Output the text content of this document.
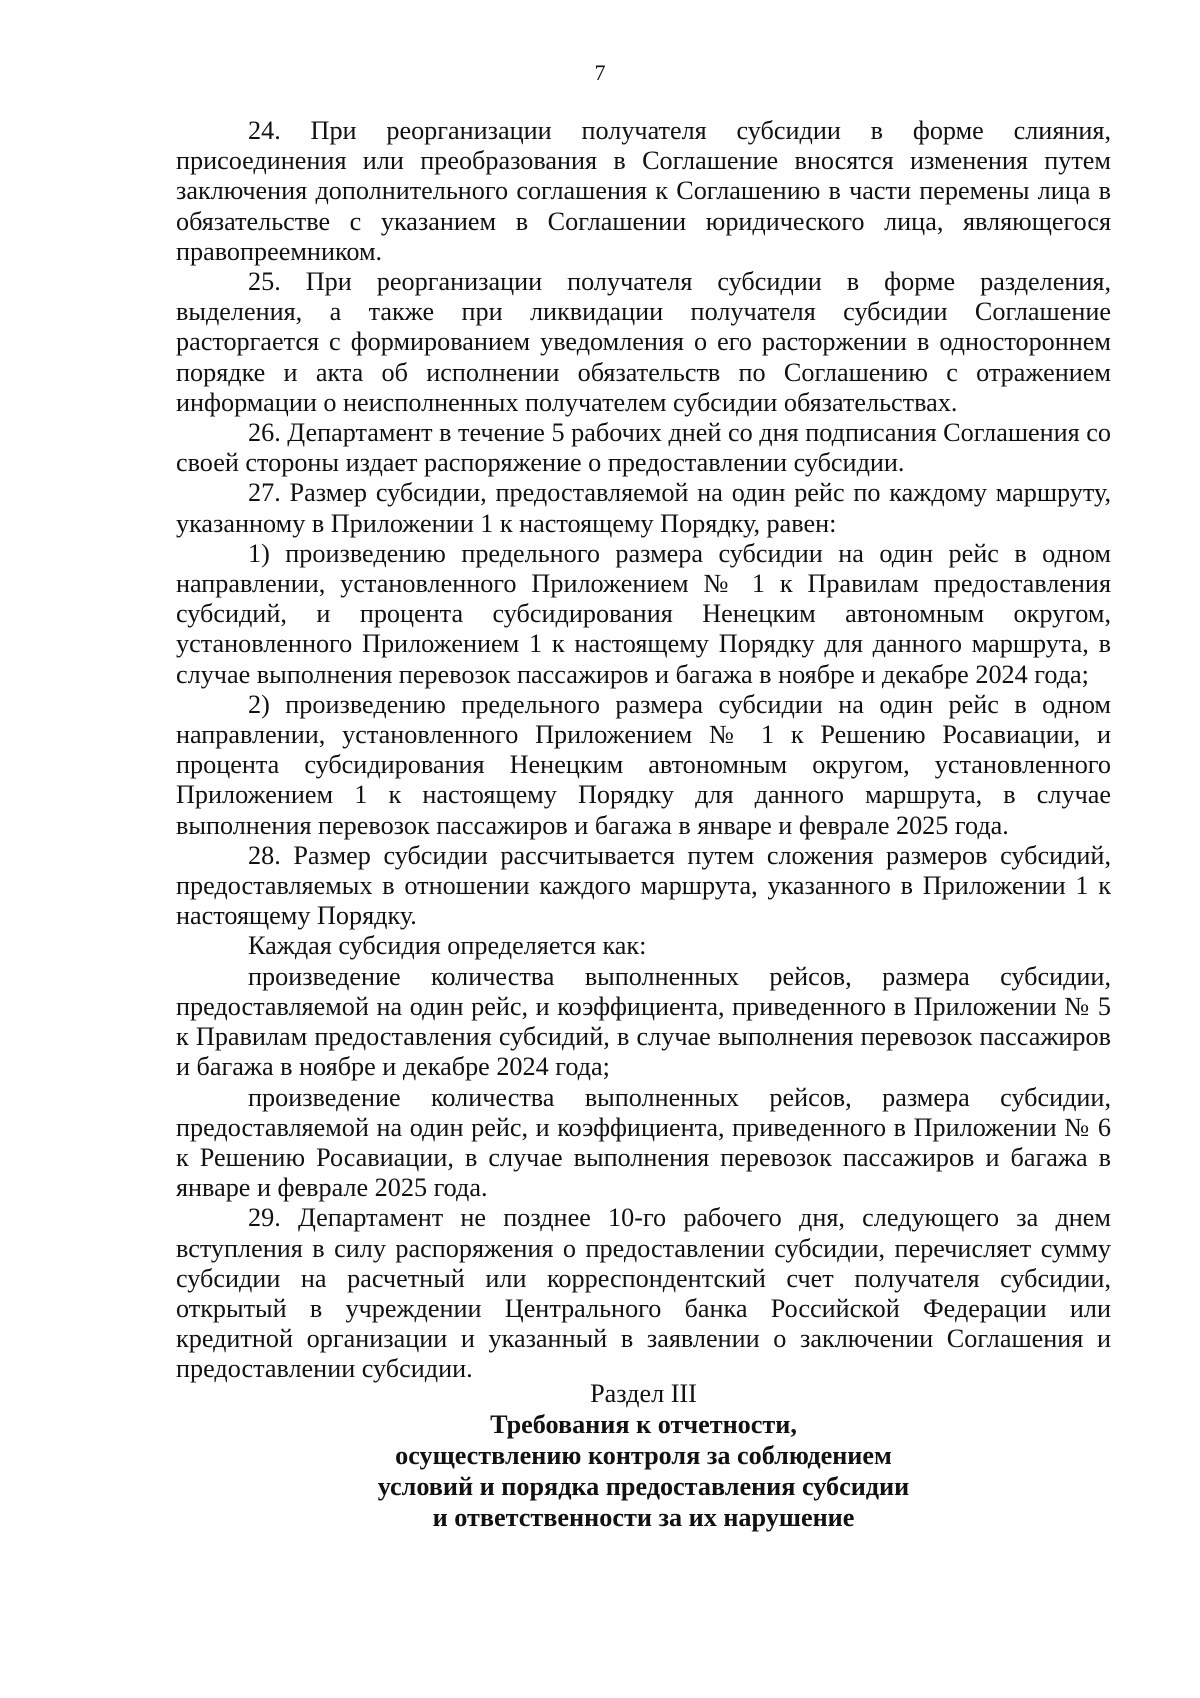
7

24. При реорганизации получателя субсидии в форме слияния, присоединения или преобразования в Соглашение вносятся изменения путем заключения дополнительного соглашения к Соглашению в части перемены лица в обязательстве с указанием в Соглашении юридического лица, являющегося правопреемником.

25. При реорганизации получателя субсидии в форме разделения, выделения, а также при ликвидации получателя субсидии Соглашение расторгается с формированием уведомления о его расторжении в одностороннем порядке и акта об исполнении обязательств по Соглашению с отражением информации о неисполненных получателем субсидии обязательствах.

26. Департамент в течение 5 рабочих дней со дня подписания Соглашения со своей стороны издает распоряжение о предоставлении субсидии.

27. Размер субсидии, предоставляемой на один рейс по каждому маршруту, указанному в Приложении 1 к настоящему Порядку, равен:

1) произведению предельного размера субсидии на один рейс в одном направлении, установленного Приложением № 1 к Правилам предоставления субсидий, и процента субсидирования Ненецким автономным округом, установленного Приложением 1 к настоящему Порядку для данного маршрута, в случае выполнения перевозок пассажиров и багажа в ноябре и декабре 2024 года;

2) произведению предельного размера субсидии на один рейс в одном направлении, установленного Приложением № 1 к Решению Росавиации, и процента субсидирования Ненецким автономным округом, установленного Приложением 1 к настоящему Порядку для данного маршрута, в случае выполнения перевозок пассажиров и багажа в январе и феврале 2025 года.

28. Размер субсидии рассчитывается путем сложения размеров субсидий, предоставляемых в отношении каждого маршрута, указанного в Приложении 1 к настоящему Порядку.

Каждая субсидия определяется как:

произведение количества выполненных рейсов, размера субсидии, предоставляемой на один рейс, и коэффициента, приведенного в Приложении № 5 к Правилам предоставления субсидий, в случае выполнения перевозок пассажиров и багажа в ноябре и декабре 2024 года;

произведение количества выполненных рейсов, размера субсидии, предоставляемой на один рейс, и коэффициента, приведенного в Приложении № 6 к Решению Росавиации, в случае выполнения перевозок пассажиров и багажа в январе и феврале 2025 года.

29. Департамент не позднее 10-го рабочего дня, следующего за днем вступления в силу распоряжения о предоставлении субсидии, перечисляет сумму субсидии на расчетный или корреспондентский счет получателя субсидии, открытый в учреждении Центрального банка Российской Федерации или кредитной организации и указанный в заявлении о заключении Соглашения и предоставлении субсидии.

Раздел III

Требования к отчетности,

осуществлению контроля за соблюдением

условий и порядка предоставления субсидии

и ответственности за их нарушение
